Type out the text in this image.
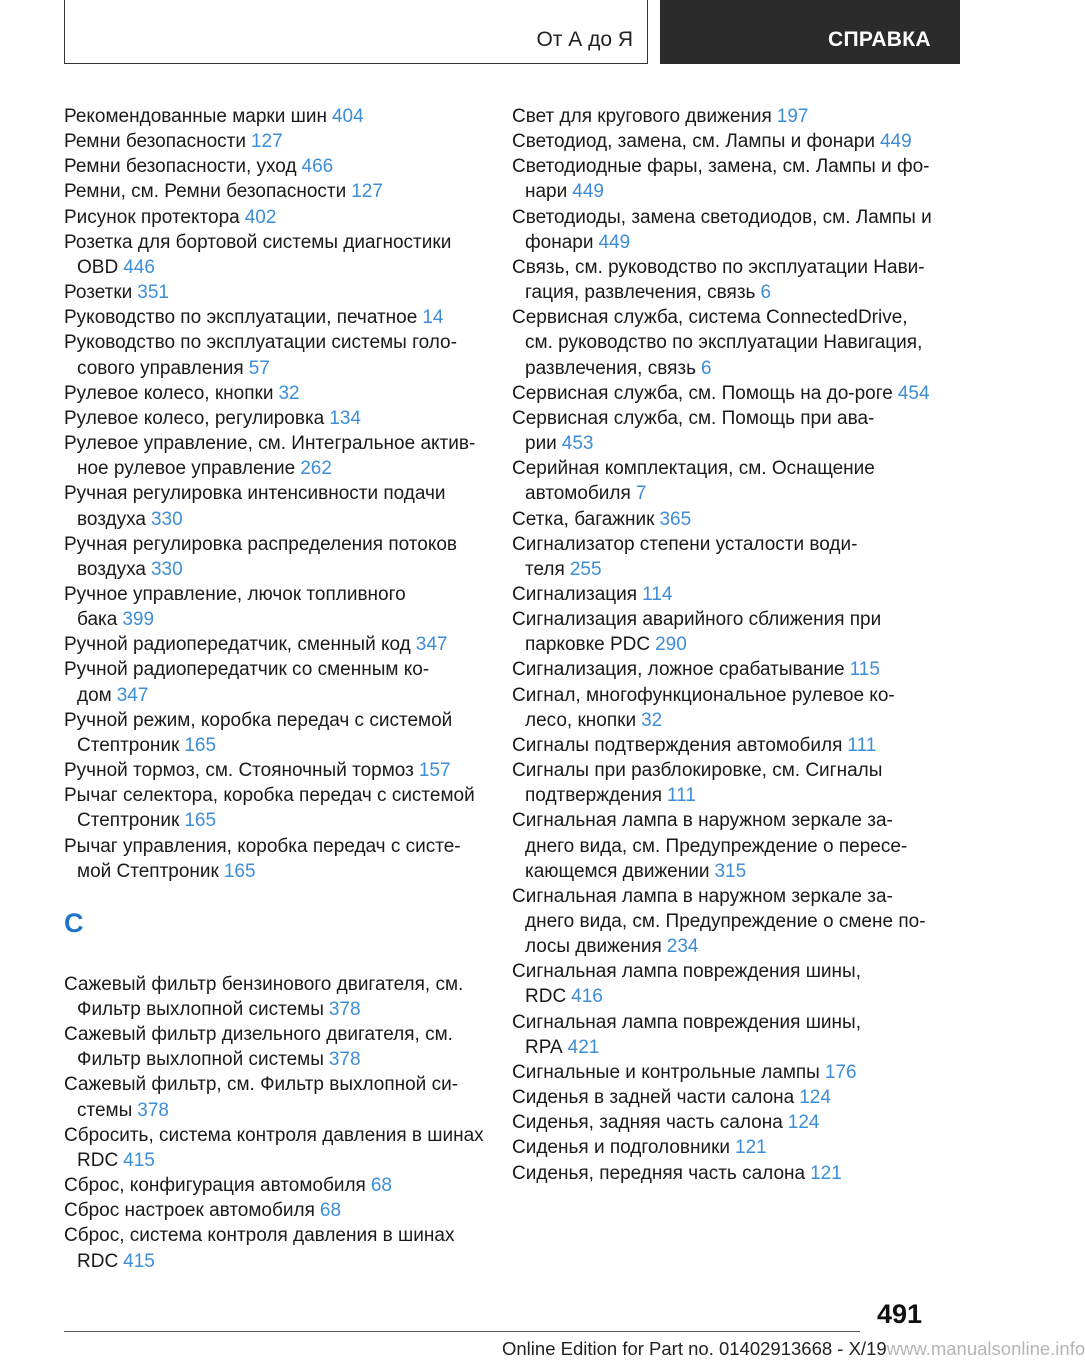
От А до Я	СПРАВКА
Рекомендованные марки шин 404
Ремни безопасности 127
Ремни безопасности, уход 466
Ремни, см. Ремни безопасности 127
Рисунок протектора 402
Розетка для бортовой системы диагностики OBD 446
Розетки 351
Руководство по эксплуатации, печатное 14
Руководство по эксплуатации системы голо-сового управления 57
Рулевое колесо, кнопки 32
Рулевое колесо, регулировка 134
Рулевое управление, см. Интегральное актив-ное рулевое управление 262
Ручная регулировка интенсивности подачи воздуха 330
Ручная регулировка распределения потоков воздуха 330
Ручное управление, лючок топливного бака 399
Ручной радиопередатчик, сменный код 347
Ручной радиопередатчик со сменным ко-дом 347
Ручной режим, коробка передач с системой Стептроник 165
Ручной тормоз, см. Стояночный тормоз 157
Рычаг селектора, коробка передач с системой Стептроник 165
Рычаг управления, коробка передач с систе-мой Стептроник 165
С
Сажевый фильтр бензинового двигателя, см. Фильтр выхлопной системы 378
Сажевый фильтр дизельного двигателя, см. Фильтр выхлопной системы 378
Сажевый фильтр, см. Фильтр выхлопной си-стемы 378
Сбросить, система контроля давления в шинах RDC 415
Сброс, конфигурация автомобиля 68
Сброс настроек автомобиля 68
Сброс, система контроля давления в шинах RDC 415
Свет для кругового движения 197
Светодиод, замена, см. Лампы и фонари 449
Светодиодные фары, замена, см. Лампы и фо-нари 449
Светодиоды, замена светодиодов, см. Лампы и фонари 449
Связь, см. руководство по эксплуатации Нави-гация, развлечения, связь 6
Сервисная служба, система ConnectedDrive, см. руководство по эксплуатации Навигация, развлечения, связь 6
Сервисная служба, см. Помощь на до-роге 454
Сервисная служба, см. Помощь при ава-рии 453
Серийная комплектация, см. Оснащение автомобиля 7
Сетка, багажник 365
Сигнализатор степени усталости води-теля 255
Сигнализация 114
Сигнализация аварийного сближения при парковке PDC 290
Сигнализация, ложное срабатывание 115
Сигнал, многофункциональное рулевое ко-лесо, кнопки 32
Сигналы подтверждения автомобиля 111
Сигналы при разблокировке, см. Сигналы подтверждения 111
Сигнальная лампа в наружном зеркале за-днего вида, см. Предупреждение о пересе-кающемся движении 315
Сигнальная лампа в наружном зеркале за-днего вида, см. Предупреждение о смене по-лосы движения 234
Сигнальная лампа повреждения шины, RDC 416
Сигнальная лампа повреждения шины, RPA 421
Сигнальные и контрольные лампы 176
Сиденья в задней части салона 124
Сиденья, задняя часть салона 124
Сиденья и подголовники 121
Сиденья, передняя часть салона 121
491
Online Edition for Part no. 01402913668 - X/19www.manualsonline.info
